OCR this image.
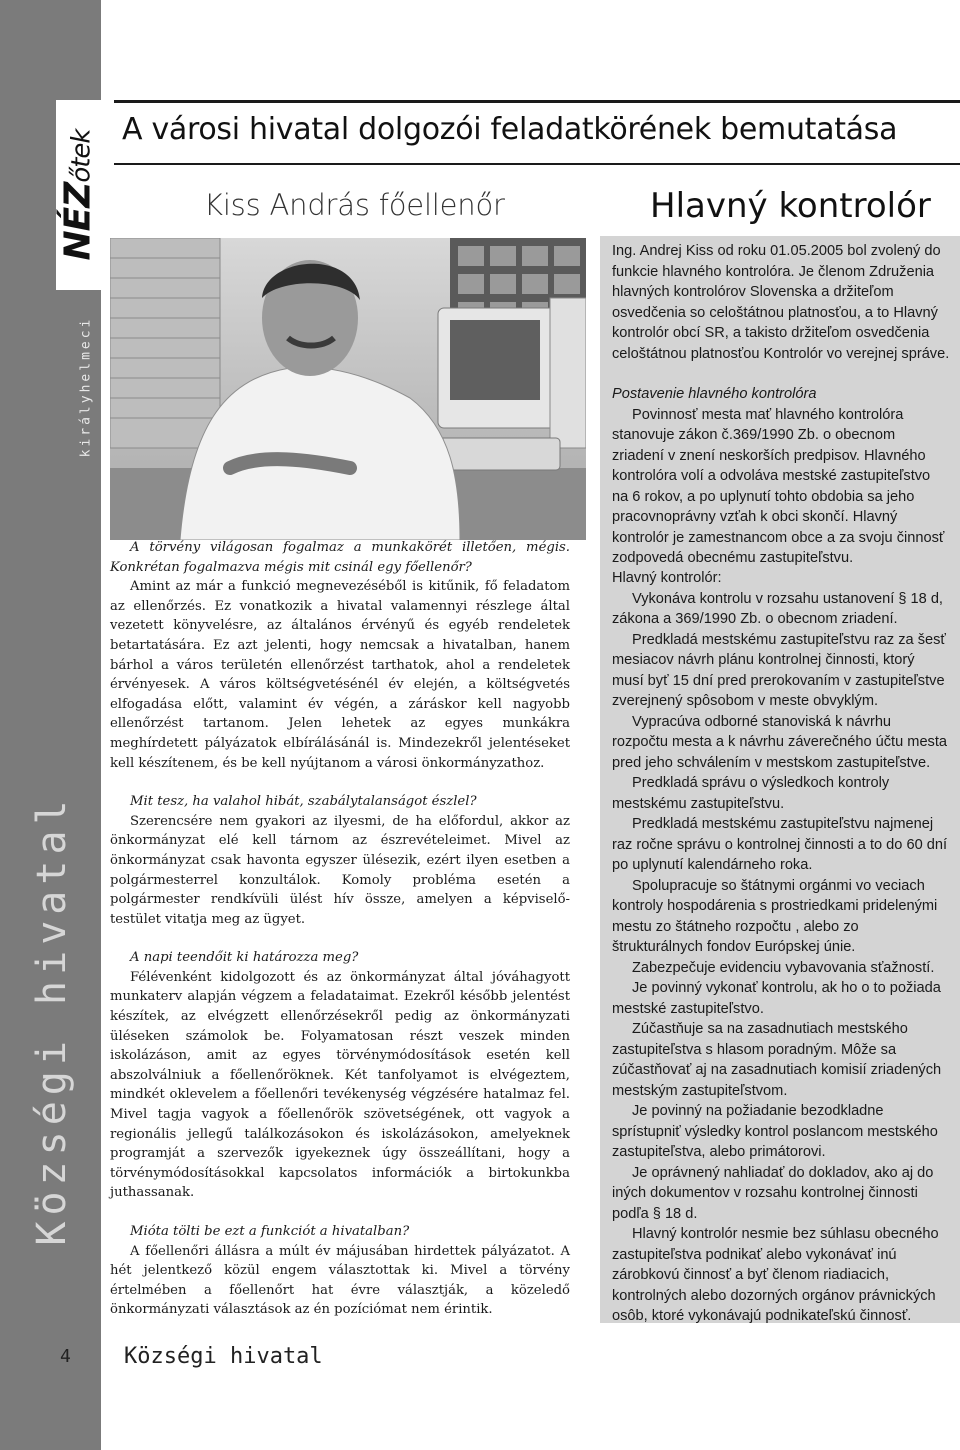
NÉZőtek
királyhelmeci
Községi hivatal
4 Községi hivatal
A városi hivatal dolgozói feladatkörének bemutatása
Kiss András főellenőr

A törvény világosan fogalmaz a munkakörét illetően, mégis. Konkrétan fogalmazva mégis mit csinál egy főellenőr?

Amint az már a funkció megnevezéséből is kitűnik, fő feladatom az ellenőrzés. Ez vonatkozik a hivatal valamennyi részlege által vezetett könyvelésre, az általános érvényű és egyéb rendeletek betartatására. Ez azt jelenti, hogy nemcsak a hivatalban, hanem bárhol a város területén ellenőrzést tarthatok, ahol a rendeletek érvényesek. A város költségvetésénél év elején, a költségvetés elfogadása előtt, valamint év végén, a záráskor kell nagyobb ellenőrzést tartanom. Jelen lehetek az egyes munkákra meghírdetett pályázatok elbírálásánál is. Mindezekről jelentéseket kell készítenem, és be kell nyújtanom a városi önkormányzathoz.

Mit tesz, ha valahol hibát, szabálytalanságot észlel?

Szerencsére nem gyakori az ilyesmi, de ha előfordul, akkor az önkormányzat elé kell tárnom az észrevételeimet. Mivel az önkormányzat csak havonta egyszer ülésezik, ezért ilyen esetben a polgármesterrel konzultálok. Komoly probléma esetén a polgármester rendkívüli ülést hív össze, amelyen a képviselő-testület vitatja meg az ügyet.

A napi teendőit ki határozza meg?

Félévenként kidolgozott és az önkormányzat által jóváhagyott munkaterv alapján végzem a feladataimat. Ezekről később jelentést készítek, az elvégzett ellenőrzésekről pedig az önkormányzati üléseken számolok be. Folyamatosan részt veszek minden iskolázáson, amit az egyes törvénymódosítások esetén kell abszolválniuk a főellenőröknek. Két tanfolyamot is elvégeztem, mindkét oklevelem a főellenőri tevékenység végzésére hatalmaz fel. Mivel tagja vagyok a főellenőrök szövetségének, ott vagyok a regionális jellegű találkozásokon és iskolázásokon, amelyeknek programját a szervezők igyekeznek úgy összeállítani, hogy a törvénymódosításokkal kapcsolatos információk a birtokunkba juthassanak.

Mióta tölti be ezt a funkciót a hivatalban?

A főellenőri állásra a múlt év májusában hirdettek pályázatot. A hét jelentkező közül engem választottak ki. Mivel a törvény értelmében a főellenőrt hat évre választják, a közeledő önkormányzati választások az én pozíciómat nem érintik.

Hlavný kontrolór

Ing. Andrej Kiss od roku 01.05.2005 bol zvolený do funkcie hlavného kontrolóra. Je členom Združenia hlavných kontrolórov Slovenska a držiteľom osvedčenia so celoštátnou platnosťou, a to Hlavný kontrolór obcí SR, a takisto držiteľom osvedčenia celoštátnou platnosťou Kontrolór vo verejnej správe.

Postavenie hlavného kontrolóra

Povinnosť mesta mať hlavného kontrolóra stanovuje zákon č.369/1990 Zb. o obecnom zriadení v znení neskorších predpisov. Hlavného kontrolóra volí a odvoláva mestské zastupiteľstvo na 6 rokov, a po uplynutí tohto obdobia sa jeho pracovnoprávny vzťah k obci skončí. Hlavný kontrolór je zamestnancom obce a za svoju činnosť zodpovedá obecnému zastupiteľstvu.

Hlavný kontrolór:

Vykonáva kontrolu v rozsahu ustanovení § 18 d, zákona a 369/1990 Zb. o obecnom zriadení.

Predkladá mestskému zastupiteľstvu raz za šesť mesiacov návrh plánu kontrolnej činnosti, ktorý musí byť 15 dní pred prerokovaním v zastupiteľstve zverejnený spôsobom v meste obvyklým.

Vypracúva odborné stanoviská k návrhu rozpočtu mesta a k návrhu záverečného účtu mesta pred jeho schválením v mestskom zastupiteľstve.

Predkladá správu o výsledkoch kontroly mestskému zastupiteľstvu.

Predkladá mestskému zastupiteľstvu najmenej raz ročne správu o kontrolnej činnosti a to do 60 dní po uplynutí kalendárneho roka.

Spolupracuje so štátnymi orgánmi vo veciach kontroly hospodárenia s prostriedkami pridelenými mestu zo štátneho rozpočtu , alebo zo štrukturálnych fondov Európskej únie.

Zabezpečuje evidenciu vybavovania sťažností.

Je povinný vykonať kontrolu, ak ho o to požiada mestské zastupiteľstvo.

Zúčastňuje sa na zasadnutiach mestského zastupiteľstva s hlasom poradným. Môže sa zúčastňovať aj na zasadnutiach komisií zriadených mestským zastupiteľstvom.

Je povinný na požiadanie bezodkladne sprístupniť výsledky kontrol poslancom mestského zastupiteľstva, alebo primátorovi.

Je oprávnený nahliadať do dokladov, ako aj do iných dokumentov v rozsahu kontrolnej činnosti podľa § 18 d.

Hlavný kontrolór nesmie bez súhlasu obecného zastupiteľstva podnikať alebo vykonávať inú zárobkovú činnosť a byť členom riadiacich, kontrolných alebo dozorných orgánov právnických osôb, ktoré vykonávajú podnikateľskú činnosť.
